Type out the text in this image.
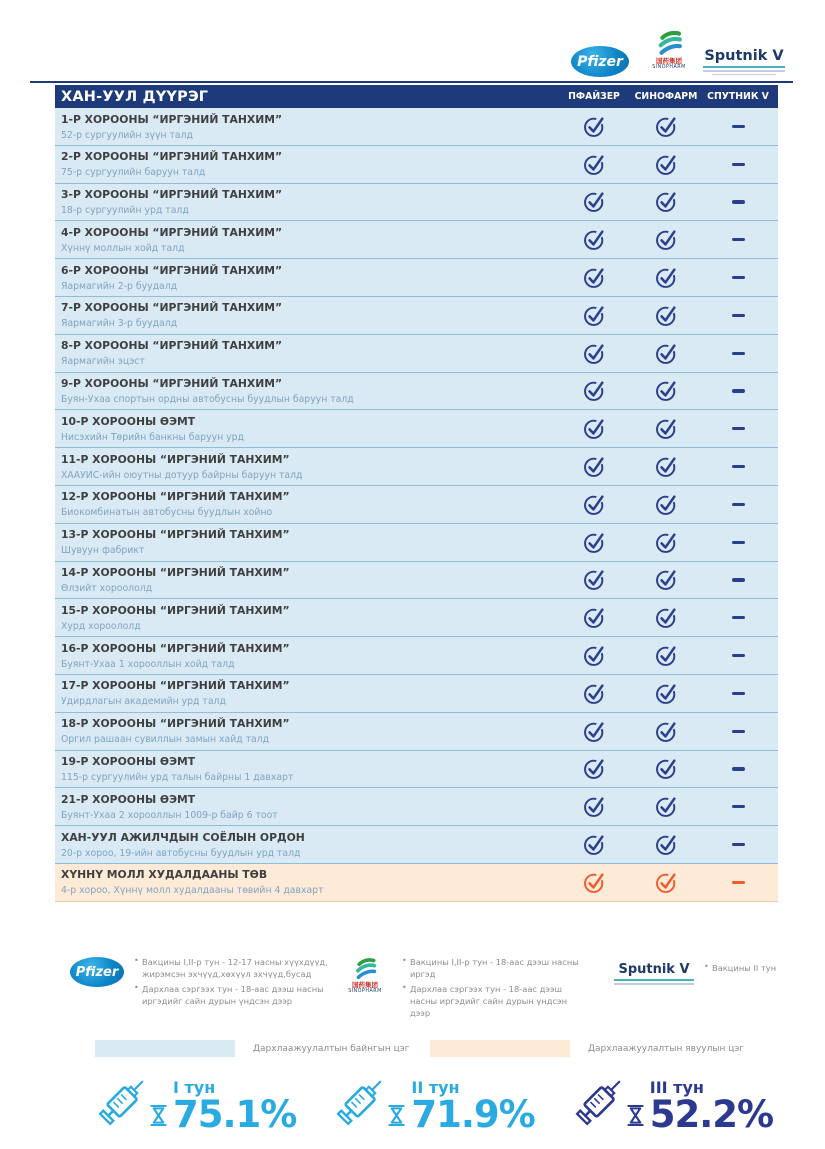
Pfizer	国药集团
SINOPHARM
Sputnik V
ХАН-УУЛ ДҮҮРЭГ	ПФАЙЗЕР	СИНОФАРМ	СПУТНИК V
1-Р ХОРООНЫ “ИРГЭНИЙ ТАНХИМ”
52-р сургуулийн зүүн талд
2-Р ХОРООНЫ “ИРГЭНИЙ ТАНХИМ”
75-р сургуулийн баруун талд
3-Р ХОРООНЫ “ИРГЭНИЙ ТАНХИМ”
18-р сургуулийн урд талд
4-Р ХОРООНЫ “ИРГЭНИЙ ТАНХИМ”
Хүннү моллын хойд талд
6-Р ХОРООНЫ “ИРГЭНИЙ ТАНХИМ”
Яармагийн 2-р буудалд
7-Р ХОРООНЫ “ИРГЭНИЙ ТАНХИМ”
Яармагийн 3-р буудалд
8-Р ХОРООНЫ “ИРГЭНИЙ ТАНХИМ”
Яармагийн эцэст
9-Р ХОРООНЫ “ИРГЭНИЙ ТАНХИМ”
Буян-Ухаа спортын ордны автобусны буудлын баруун талд
10-Р ХОРООНЫ ӨЭМТ
Нисэхийн Төрийн банкны баруун урд
11-Р ХОРООНЫ “ИРГЭНИЙ ТАНХИМ”
ХААУИС-ийн оюутны дотуур байрны баруун талд
12-Р ХОРООНЫ “ИРГЭНИЙ ТАНХИМ”
Биокомбинатын автобусны буудлын хойно
13-Р ХОРООНЫ “ИРГЭНИЙ ТАНХИМ”
Шувуун фабрикт
14-Р ХОРООНЫ “ИРГЭНИЙ ТАНХИМ”
Өлзийт хороололд
15-Р ХОРООНЫ “ИРГЭНИЙ ТАНХИМ”
Хурд хороололд
16-Р ХОРООНЫ “ИРГЭНИЙ ТАНХИМ”
Буянт-Ухаа 1 хорооллын хойд талд
17-Р ХОРООНЫ “ИРГЭНИЙ ТАНХИМ”
Удирдлагын академийн урд талд
18-Р ХОРООНЫ “ИРГЭНИЙ ТАНХИМ”
Оргил рашаан сувиллын замын хайд талд
19-Р ХОРООНЫ ӨЭМТ
115-р сургуулийн урд талын байрны 1 давхарт
21-Р ХОРООНЫ ӨЭМТ
Буянт-Ухаа 2 хорооллын 1009-р байр 6 тоот
ХАН-УУЛ АЖИЛЧДЫН СОЁЛЫН ОРДОН
20-р хороо, 19-ийн автобусны буудлын урд талд
ХҮННҮ МОЛЛ ХУДАЛДААНЫ ТӨВ
4-р хороо, Хүннү молл худалдааны төвийн 4 давхарт
Pfizer
• Вакцины I,II-р тун - 12-17 насны хүүхдүүд, жирэмсэн эхчүүд,хөхүүл эхчүүд,бусад
• Дархлаа сэргээх тун - 18-аас дээш насны иргэдийг сайн дурын үндсэн дээр
国药集团
SINOPHARM
• Вакцины I,II-р тун - 18-аас дээш насны иргэд
• Дархлаа сэргээх тун - 18-аас дээш насны иргэдийг сайн дурын үндсэн дээр
Sputnik V	• Вакцины II тун
Дархлаажуулалтын байнгын цэг	Дархлаажуулалтын явуулын цэг
I тун
75.1%
II тун
71.9%
III тун
52.2%
